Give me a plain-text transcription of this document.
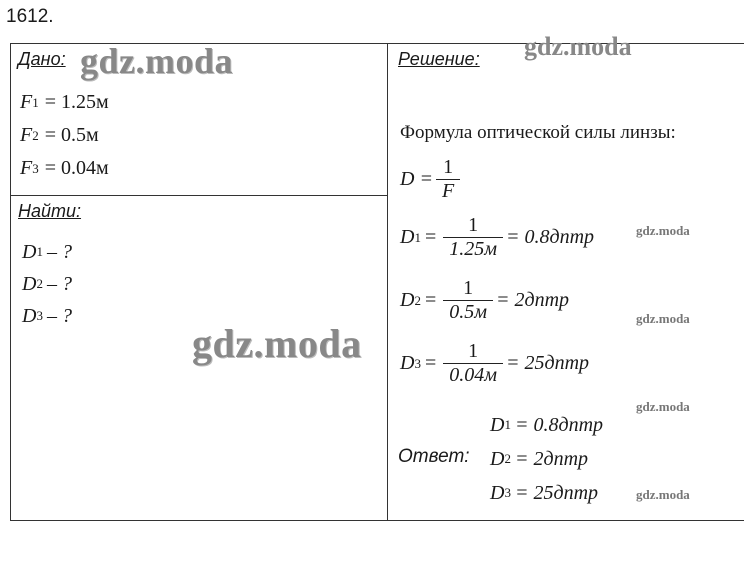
1612.
Дано:
F 1 = 1.25м
F 2 = 0.5м
F 3 = 0.04м
Найти:
D 1 – ?
D 2 – ?
D 3 – ?
Решение:
Формула оптической силы линзы:
$D = \frac{1}{F}$
D $1 = \frac{1}{1.25м}$ = 0.8дптр
D $2 = \frac{1}{0.5м}$ = 2дптр
D $3 = \frac{1}{0.04м}$ = 25дптр
Ответ:
D 1 = 0.8дптр
D 2 = 2дптр
D 3 = 25дптр
gdz.moda	gdz.moda
gdz.moda
gdz.moda
gdz.moda
gdz.moda
gdz.moda
